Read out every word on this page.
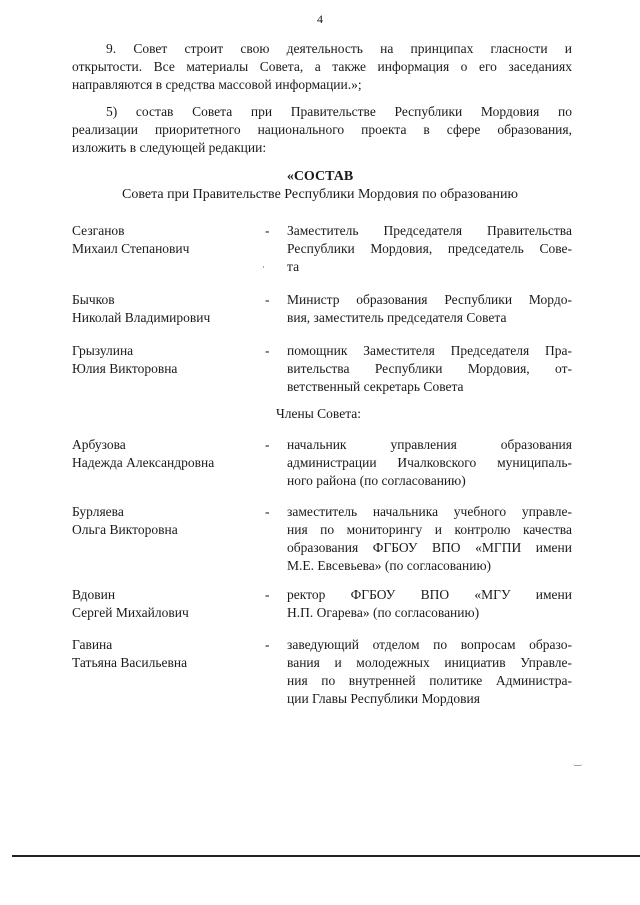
4
9. Совет строит свою деятельность на принципах гласности и
открытости. Все материалы Совета, а также информация о его заседаниях
направляются в средства массовой информации.»;
5) состав Совета при Правительстве Республики Мордовия по
реализации приоритетного национального проекта в сфере образования,
изложить в следующей редакции:
«СОСТАВ
Совета при Правительстве Республики Мордовия по образованию
Сезганов
Михаил Степанович
- Заместитель Председателя Правительства
Республики Мордовия, председатель Сове-
та
Бычков
Николай Владимирович
- Министр образования Республики Мордо-
вия, заместитель председателя Совета
Грызулина
Юлия Викторовна
- помощник Заместителя Председателя Пра-
вительства Республики Мордовия, от-
ветственный секретарь Совета
Члены Совета:
Арбузова
Надежда Александровна
- начальник управления образования
администрации Ичалковского муниципаль-
ного района (по согласованию)
Бурляева
Ольга Викторовна
- заместитель начальника учебного управле-
ния по мониторингу и контролю качества
образования ФГБОУ ВПО «МГПИ имени
М.Е. Евсевьева» (по согласованию)
Вдовин
Сергей Михайлович
- ректор ФГБОУ ВПО «МГУ имени
Н.П. Огарева» (по согласованию)
Гавина
Татьяна Васильевна
- заведующий отделом по вопросам образо-
вания и молодежных инициатив Управле-
ния по внутренней политике Администра-
ции Главы Республики Мордовия
·
‿
